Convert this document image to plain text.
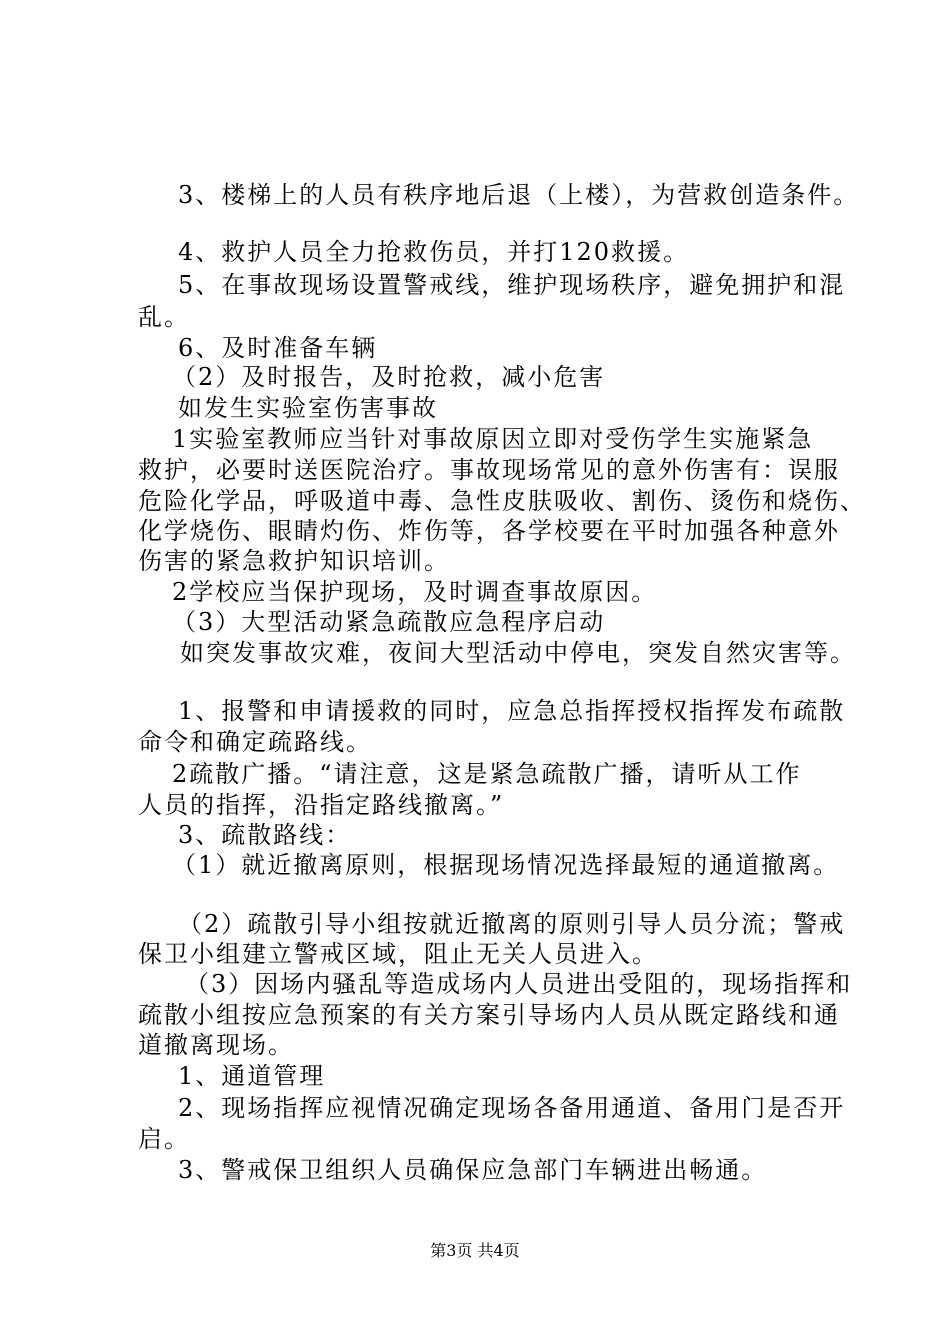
3、楼梯上的人员有秩序地后退（上楼），为营救创造条件。
4、救护人员全力抢救伤员，并打120救援。
5、在事故现场设置警戒线，维护现场秩序，避免拥护和混
乱。
6、及时准备车辆
（2）及时报告，及时抢救，减小危害
如发生实验室伤害事故
1实验室教师应当针对事故原因立即对受伤学生实施紧急
救护，必要时送医院治疗。事故现场常见的意外伤害有：误服
危险化学品，呼吸道中毒、急性皮肤吸收、割伤、烫伤和烧伤、
化学烧伤、眼睛灼伤、炸伤等，各学校要在平时加强各种意外
伤害的紧急救护知识培训。
2学校应当保护现场，及时调查事故原因。
（3）大型活动紧急疏散应急程序启动
如突发事故灾难，夜间大型活动中停电，突发自然灾害等。
1、报警和申请援救的同时，应急总指挥授权指挥发布疏散
命令和确定疏路线。
2疏散广播。“请注意，这是紧急疏散广播，请听从工作
人员的指挥，沿指定路线撤离。”
3、疏散路线：
（1）就近撤离原则，根据现场情况选择最短的通道撤离。
（2）疏散引导小组按就近撤离的原则引导人员分流；警戒
保卫小组建立警戒区域，阻止无关人员进入。
（3）因场内骚乱等造成场内人员进出受阻的，现场指挥和
疏散小组按应急预案的有关方案引导场内人员从既定路线和通
道撤离现场。
1、通道管理
2、现场指挥应视情况确定现场各备用通道、备用门是否开
启。
3、警戒保卫组织人员确保应急部门车辆进出畅通。
第3页 共4页
